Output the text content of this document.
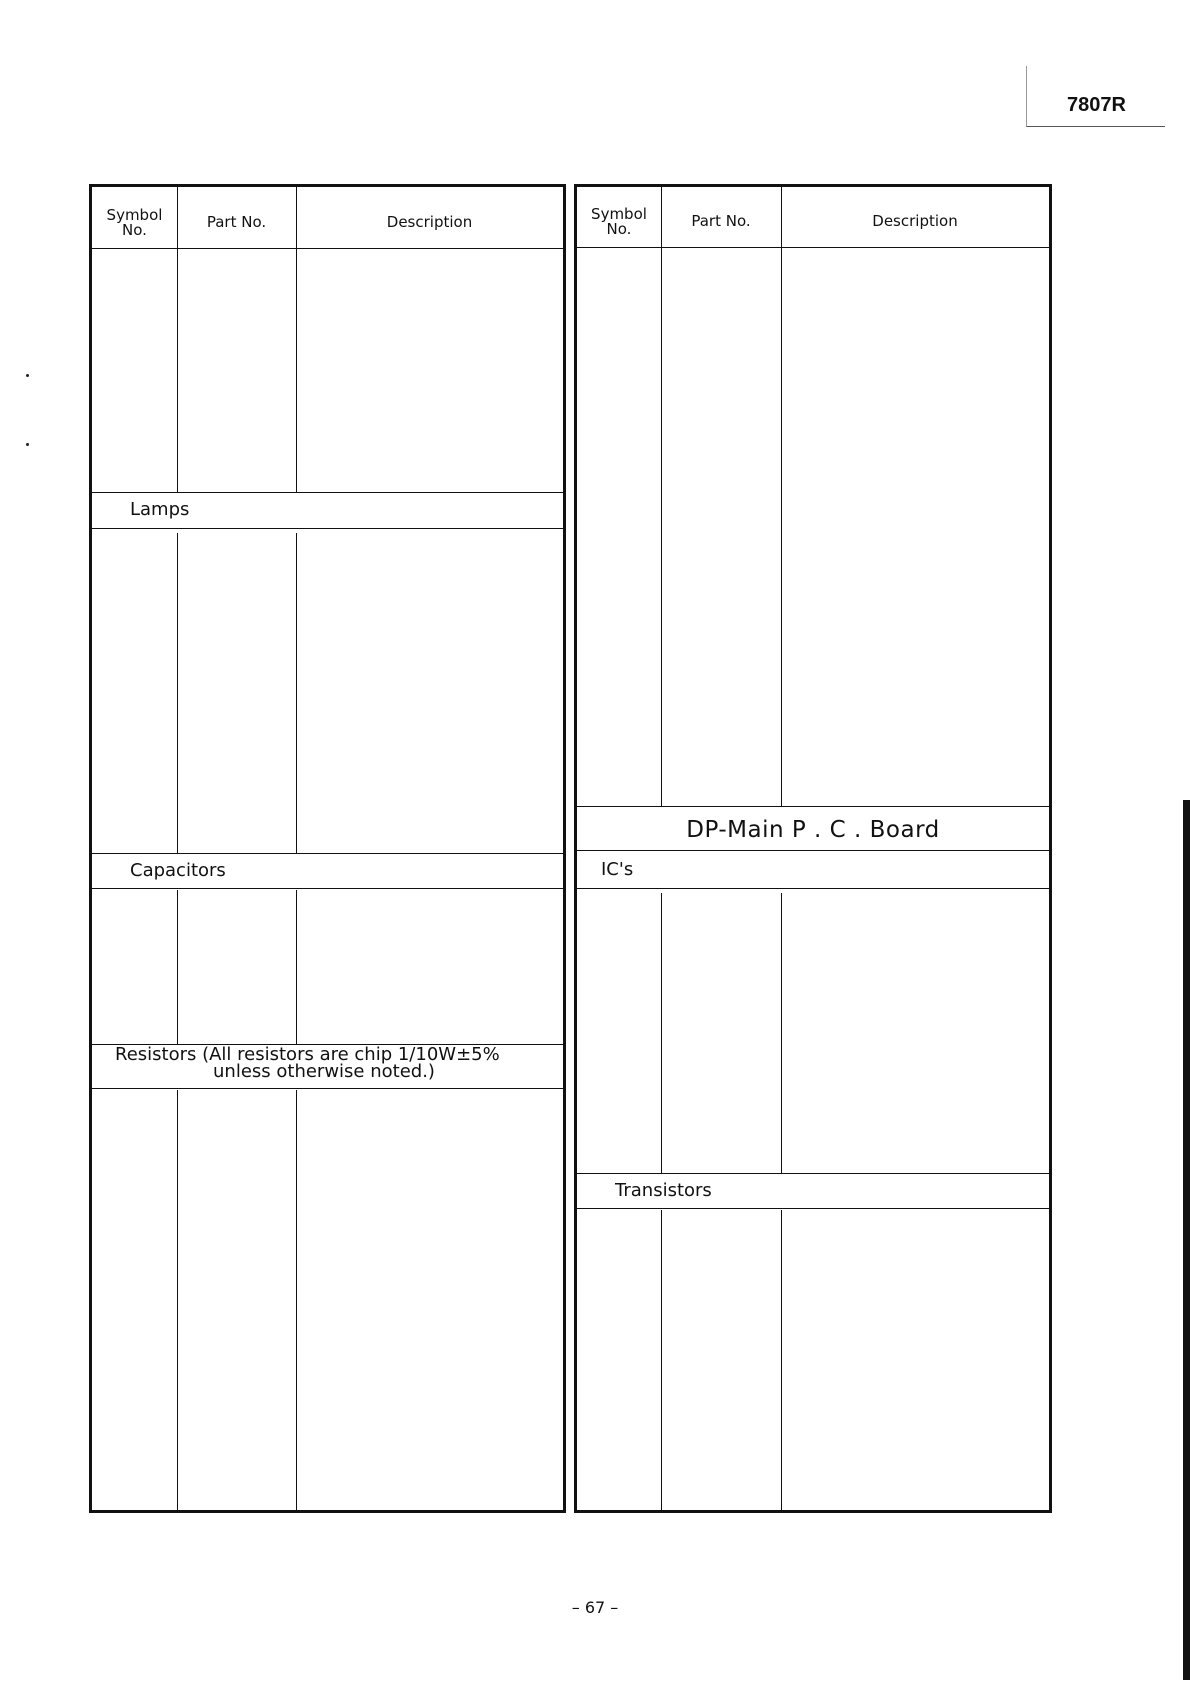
7807R
Symbol
No.	Part No.	Description
Lamps
Capacitors
Resistors (All resistors are chip 1/10W±5%
unless otherwise noted.)
Symbol
No.	Part No.	Description
DP-Main P . C . Board
IC's
Transistors
– 67 –
